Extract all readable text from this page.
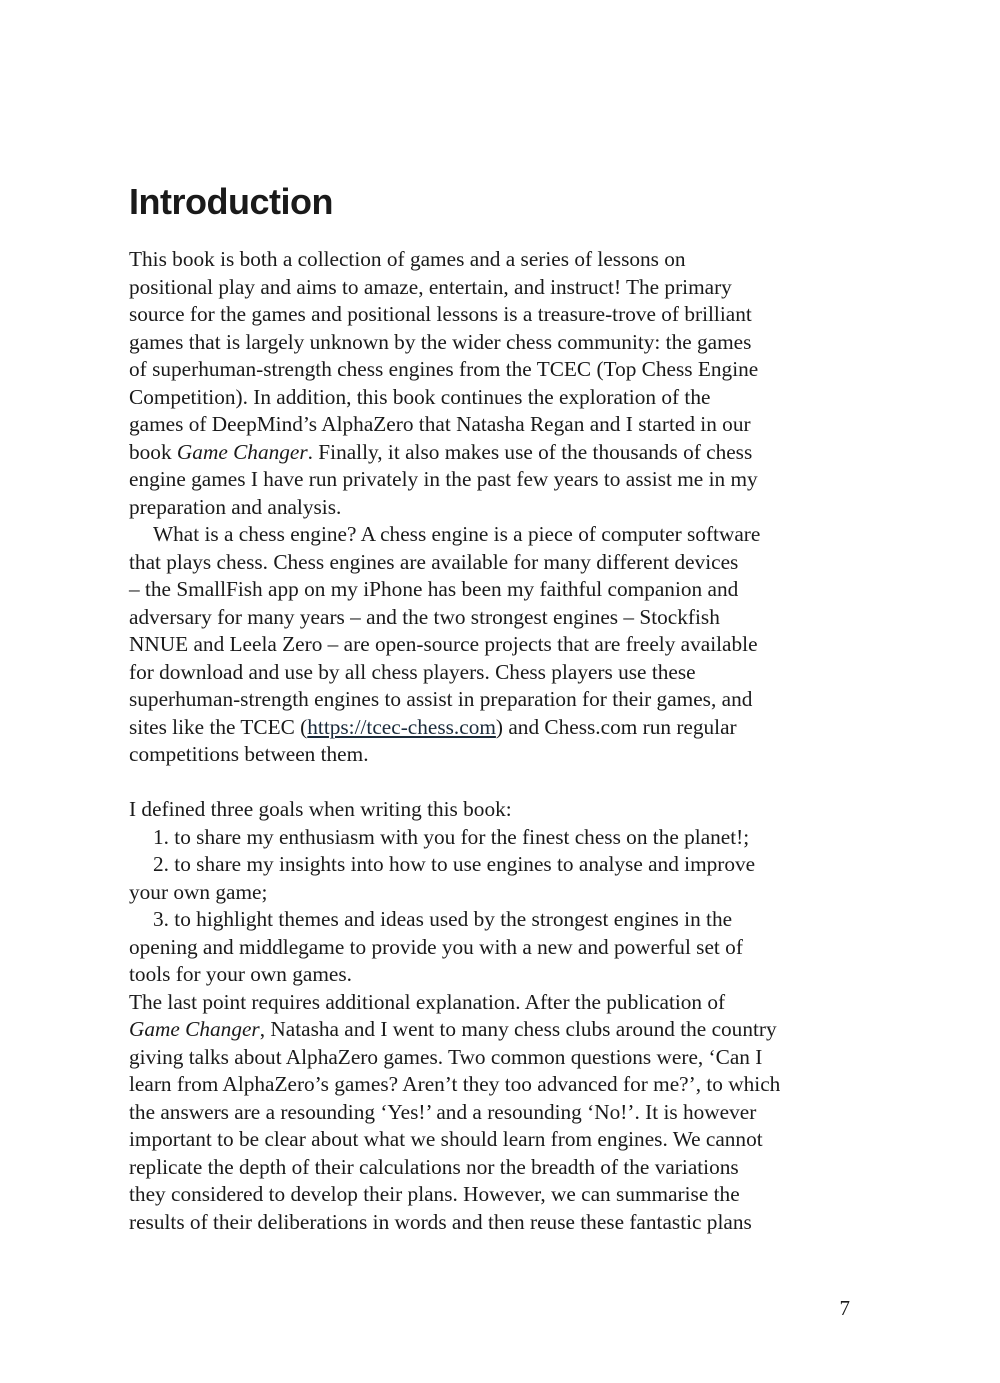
Introduction
This book is both a collection of games and a series of lessons on
positional play and aims to amaze, entertain, and instruct! The primary
source for the games and positional lessons is a treasure-trove of brilliant
games that is largely unknown by the wider chess community: the games
of superhuman-strength chess engines from the TCEC (Top Chess Engine
Competition). In addition, this book continues the exploration of the
games of DeepMind’s AlphaZero that Natasha Regan and I started in our
book Game Changer. Finally, it also makes use of the thousands of chess
engine games I have run privately in the past few years to assist me in my
preparation and analysis.
What is a chess engine? A chess engine is a piece of computer software
that plays chess. Chess engines are available for many different devices
– the SmallFish app on my iPhone has been my faithful companion and
adversary for many years – and the two strongest engines – Stockfish
NNUE and Leela Zero – are open-source projects that are freely available
for download and use by all chess players. Chess players use these
superhuman-strength engines to assist in preparation for their games, and
sites like the TCEC (https://tcec-chess.com) and Chess.com run regular
competitions between them.
I defined three goals when writing this book:
1. to share my enthusiasm with you for the finest chess on the planet!;
2. to share my insights into how to use engines to analyse and improve
your own game;
3. to highlight themes and ideas used by the strongest engines in the
opening and middlegame to provide you with a new and powerful set of
tools for your own games.
The last point requires additional explanation. After the publication of
Game Changer, Natasha and I went to many chess clubs around the country
giving talks about AlphaZero games. Two common questions were, ‘Can I
learn from AlphaZero’s games? Aren’t they too advanced for me?’, to which
the answers are a resounding ‘Yes!’ and a resounding ‘No!’. It is however
important to be clear about what we should learn from engines. We cannot
replicate the depth of their calculations nor the breadth of the variations
they considered to develop their plans. However, we can summarise the
results of their deliberations in words and then reuse these fantastic plans
7
